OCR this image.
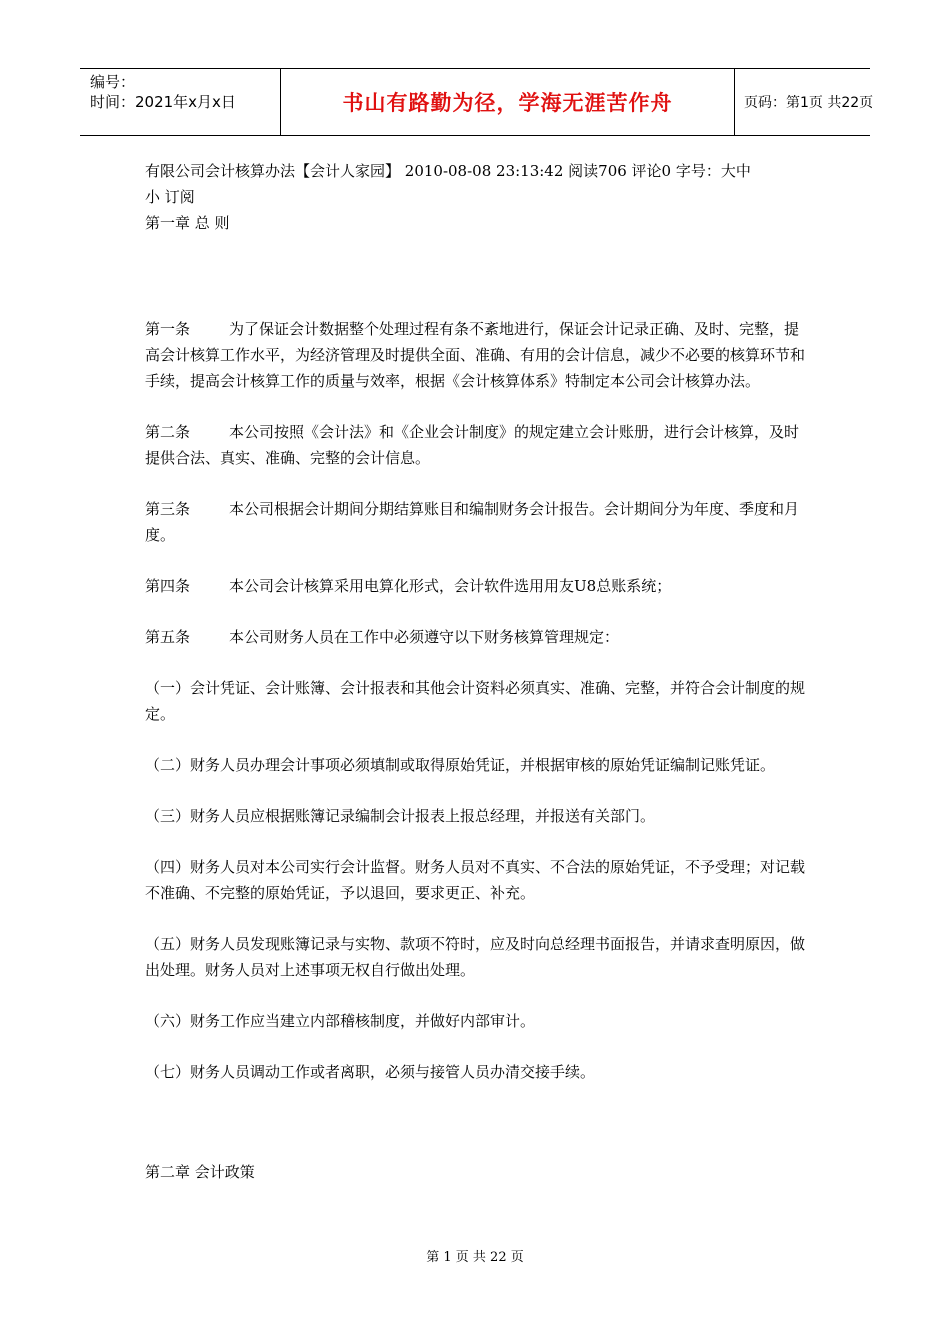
编号：
时间：2021年x月x日	书山有路勤为径，学海无涯苦作舟	页码：第1页 共22页

有限公司会计核算办法【会计人家园】 2010-08-08 23:13:42 阅读706 评论0 字号：大中

小 订阅

第一章 总 则

第一条	为了保证会计数据整个处理过程有条不紊地进行，保证会计记录正确、及时、完整，提高会计核算工作水平，为经济管理及时提供全面、准确、有用的会计信息，减少不必要的核算环节和手续，提高会计核算工作的质量与效率，根据《会计核算体系》特制定本公司会计核算办法。

第二条	本公司按照《会计法》和《企业会计制度》的规定建立会计账册，进行会计核算，及时提供合法、真实、准确、完整的会计信息。

第三条	本公司根据会计期间分期结算账目和编制财务会计报告。会计期间分为年度、季度和月度。

第四条	本公司会计核算采用电算化形式，会计软件选用用友U8总账系统；

第五条	本公司财务人员在工作中必须遵守以下财务核算管理规定：

（一）会计凭证、会计账簿、会计报表和其他会计资料必须真实、准确、完整，并符合会计制度的规定。

（二）财务人员办理会计事项必须填制或取得原始凭证，并根据审核的原始凭证编制记账凭证。

（三）财务人员应根据账簿记录编制会计报表上报总经理，并报送有关部门。

（四）财务人员对本公司实行会计监督。财务人员对不真实、不合法的原始凭证，不予受理；对记载不准确、不完整的原始凭证，予以退回，要求更正、补充。

（五）财务人员发现账簿记录与实物、款项不符时，应及时向总经理书面报告，并请求查明原因，做出处理。财务人员对上述事项无权自行做出处理。

（六）财务工作应当建立内部稽核制度，并做好内部审计。

（七）财务人员调动工作或者离职，必须与接管人员办清交接手续。

第二章 会计政策

第 1 页 共 22 页
